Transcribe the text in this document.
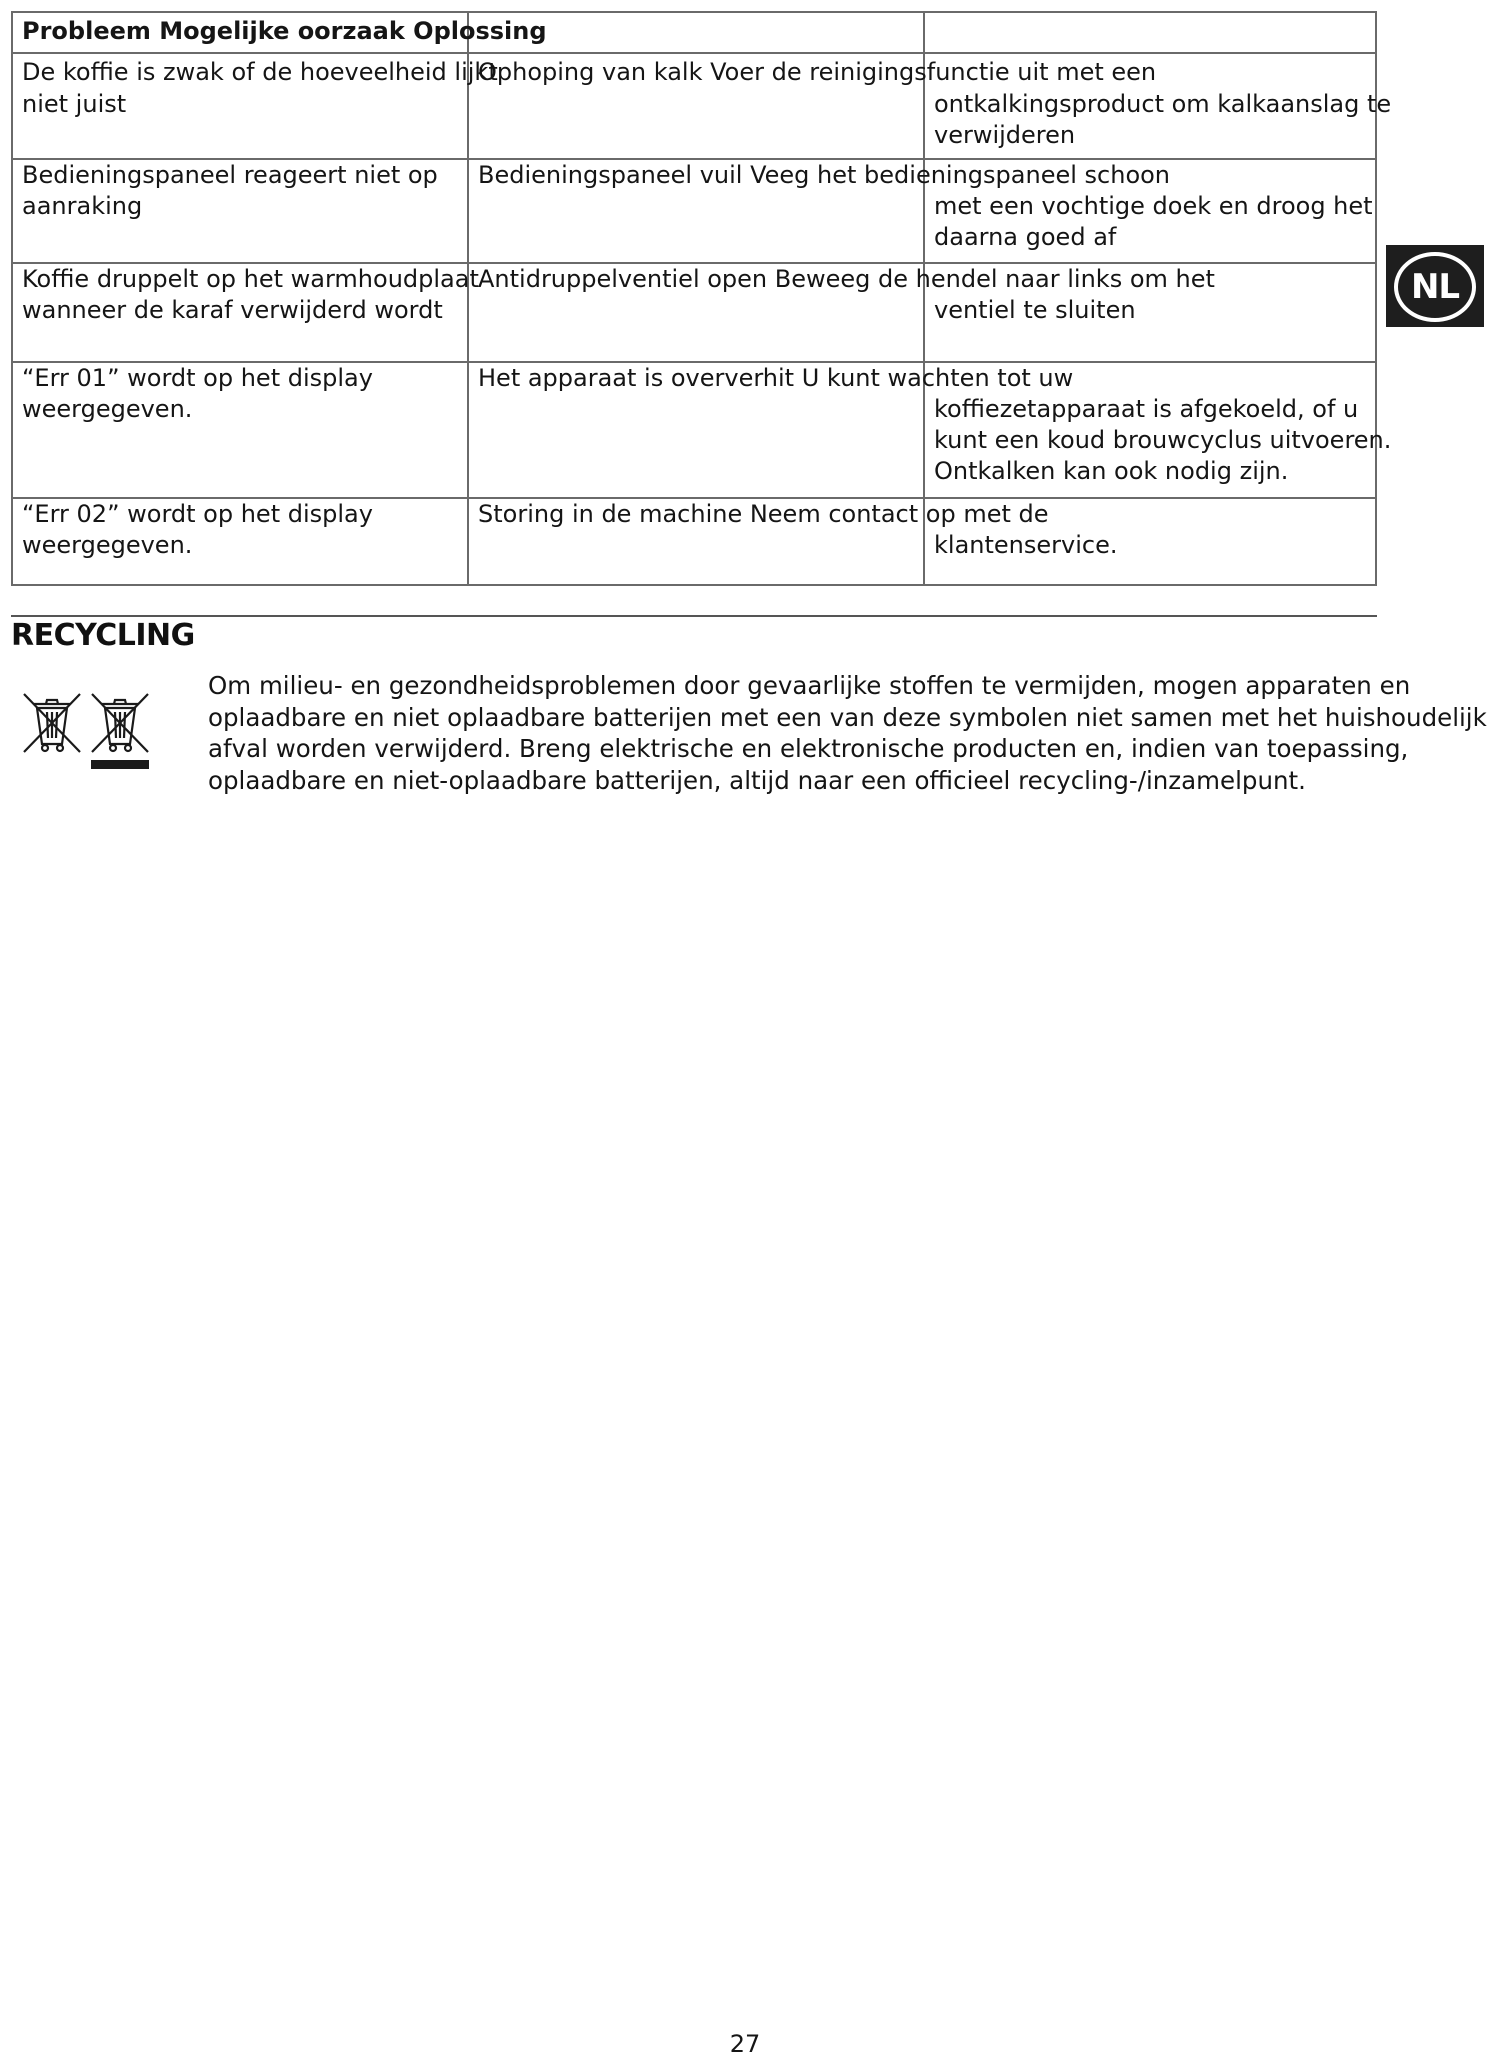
Probleem Mogelijke oorzaak Oplossing
De koffie is zwak of de hoeveelheid lijkt
niet juist
Ophoping van kalk Voer de reinigingsfunctie uit met een
ontkalkingsproduct om kalkaanslag te
verwijderen
Bedieningspaneel reageert niet op
aanraking
Bedieningspaneel vuil Veeg het bedieningspaneel schoon
met een vochtige doek en droog het
daarna goed af
Koffie druppelt op het warmhoudplaat
wanneer de karaf verwijderd wordt
Antidruppelventiel open Beweeg de hendel naar links om het
ventiel te sluiten
“Err 01” wordt op het display
weergegeven.
Het apparaat is oververhit U kunt wachten tot uw
koffiezetapparaat is afgekoeld, of u
kunt een koud brouwcyclus uitvoeren.
Ontkalken kan ook nodig zijn.
“Err 02” wordt op het display
weergegeven.
Storing in de machine Neem contact op met de
klantenservice.
NL
RECYCLING
Om milieu- en gezondheidsproblemen door gevaarlijke stoffen te vermijden, mogen apparaten en
oplaadbare en niet oplaadbare batterijen met een van deze symbolen niet samen met het huishoudelijk
afval worden verwijderd. Breng elektrische en elektronische producten en, indien van toepassing,
oplaadbare en niet-oplaadbare batterijen, altijd naar een officieel recycling-/inzamelpunt.
27
